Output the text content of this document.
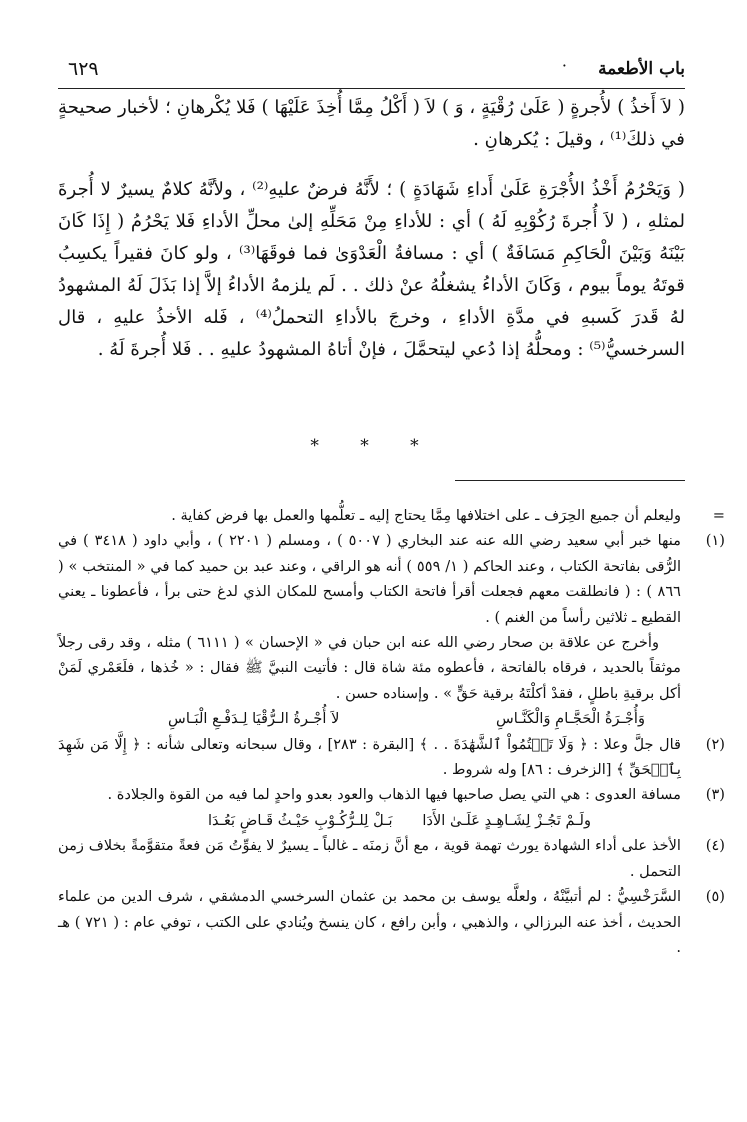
٦٢٩	· باب الأطعمة

( لاَ أَخذُ ) لأُجرةٍ ( عَلَىٰ رُقْيَةٍ ، وَ ) لاَ ( أَكْلُ مِمَّا أُخِذَ عَلَيْهَا ) فَلا يُكْرهانِ ؛ لأخبار صحيحةٍ في ذلكَ⁽¹⁾ ، وقيلَ : يُكرهانِ .

( وَيَحْرُمُ أَخْذُ الأُجْرَةِ عَلَىٰ أَداءِ شَهَادَةٍ ) ؛ لأَنَّهُ فرضٌ عليهِ⁽²⁾ ، ولأنَّهُ كلامٌ يسيرٌ لا أُجرةَ لمثلهِ ، ( لاَ أُجرةَ رُكُوْبِهِ لَهُ ) أي : للأداءِ مِنْ مَحَلِّهِ إلىٰ محلِّ الأداءِ فَلا يَحْرُمُ ( إِذَا كَانَ بَيْنَهُ وَبَيْنَ الْحَاكِمِ مَسَافَةٌ ) أي : مسافةُ الْعَدْوَىٰ فما فوقَهَا⁽³⁾ ، ولو كانَ فقيراً يكسِبُ قوتَهُ يوماً بيوم ، وَكَانَ الأداءُ يشغلُهُ عنْ ذلك . . لَم يلزمهُ الأداءُ إلاَّ إذا بَذَلَ لَهُ المشهودُ لهُ قَدرَ كَسبهِ في مدَّةِ الأداءِ ، وخرجَ بالأداءِ التحملُ⁽⁴⁾ ، فَله الأخذُ عليهِ ، قال السرخسيُّ⁽⁵⁾ : ومحلُّهُ إذا دُعي ليتحمَّلَ ، فإنْ أتاهُ المشهودُ عليهِ . . فَلا أُجرةَ لَهُ .

* * *
=

وليعلم أن جميع الحِرَف ـ على اختلافها مِمَّا يحتاج إليه ـ تعلُّمها والعمل بها فرض كفاية .

(١)

منها خبر أبي سعيد رضي الله عنه عند البخاري ( ٥٠٠٧ ) ، ومسلم ( ٢٢٠١ ) ، وأبي داود ( ٣٤١٨ ) في الرُّقى بفاتحة الكتاب ، وعند الحاكم ( ١/ ٥٥٩ ) أنه هو الراقي ، وعند عبد بن حميد كما في « المنتخب » ( ٨٦٦ ) : ( فانطلقت معهم فجعلت أقرأ فاتحة الكتاب وأمسح للمكان الذي لدغ حتى برأ ، فأعطونا ـ يعني القطيع ـ ثلاثين رأساً من الغنم ) .

وأخرج عن علاقة بن صحار رضي الله عنه ابن حبان في « الإحسان » ( ٦١١١ ) مثله ، وقد رقى رجلاً موثقاً بالحديد ، فرقاه بالفاتحة ، فأعطوه مئة شاة قال : فأتيت النبيَّ ﷺ فقال : « خُذها ، فلَعَمْري لَمَنْ أكل برقيةِ باطلٍ ، فقدْ أكلْتَهُ برقية حَقٍّ » . وإسناده حسن .

وَأُجْـرَةُ الْحَجَّـامِ وَالْكَنَّـاسِ
لاَ أُجْـرةُ الـرُّقْيَا لِـدَفْـعِ الْبَـاسِ
(٢)

قال جلَّ وعلا : ﴿ وَلَا تَكۡتُمُواْ ٱلشَّهَٰدَةَ . . ﴾ [البقرة : ٢٨٣] ، وقال سبحانه وتعالى شأنه : ﴿ إِلَّا مَن شَهِدَ بِٱلۡحَقِّ ﴾ [الزخرف : ٨٦] وله شروط .

(٣)

مسافة العدوى : هي التي يصل صاحبها فيها الذهاب والعود بعدو واحدٍ لما فيه من القوة والجلادة .

ولَـمْ تَجُـزْ لِشَـاهِـدٍ عَلَـىٰ الأَدَا
بَـلْ لِلـرُّكُـوْبِ حَيْـثُ قَـاضٍ بَعُـدَا
(٤)

الأخذ على أداء الشهادة يورث تهمة قوية ، مع أنَّ زمنَه ـ غالباً ـ يسيرٌ لا يفوِّتُ مَن فعةً متقوَّمةً بخلاف زمن التحمل .

(٥)

السَّرَخْسِيُّ : لم أتبيَّنْهُ ، ولعلَّه يوسف بن محمد بن عثمان السرخسي الدمشقي ، شرف الدين من علماء الحديث ، أخذ عنه البرزالي ، والذهبي ، وأبن رافع ، كان ينسخ ويُنادي على الكتب ، توفي عام : ( ٧٢١ ) هـ .
